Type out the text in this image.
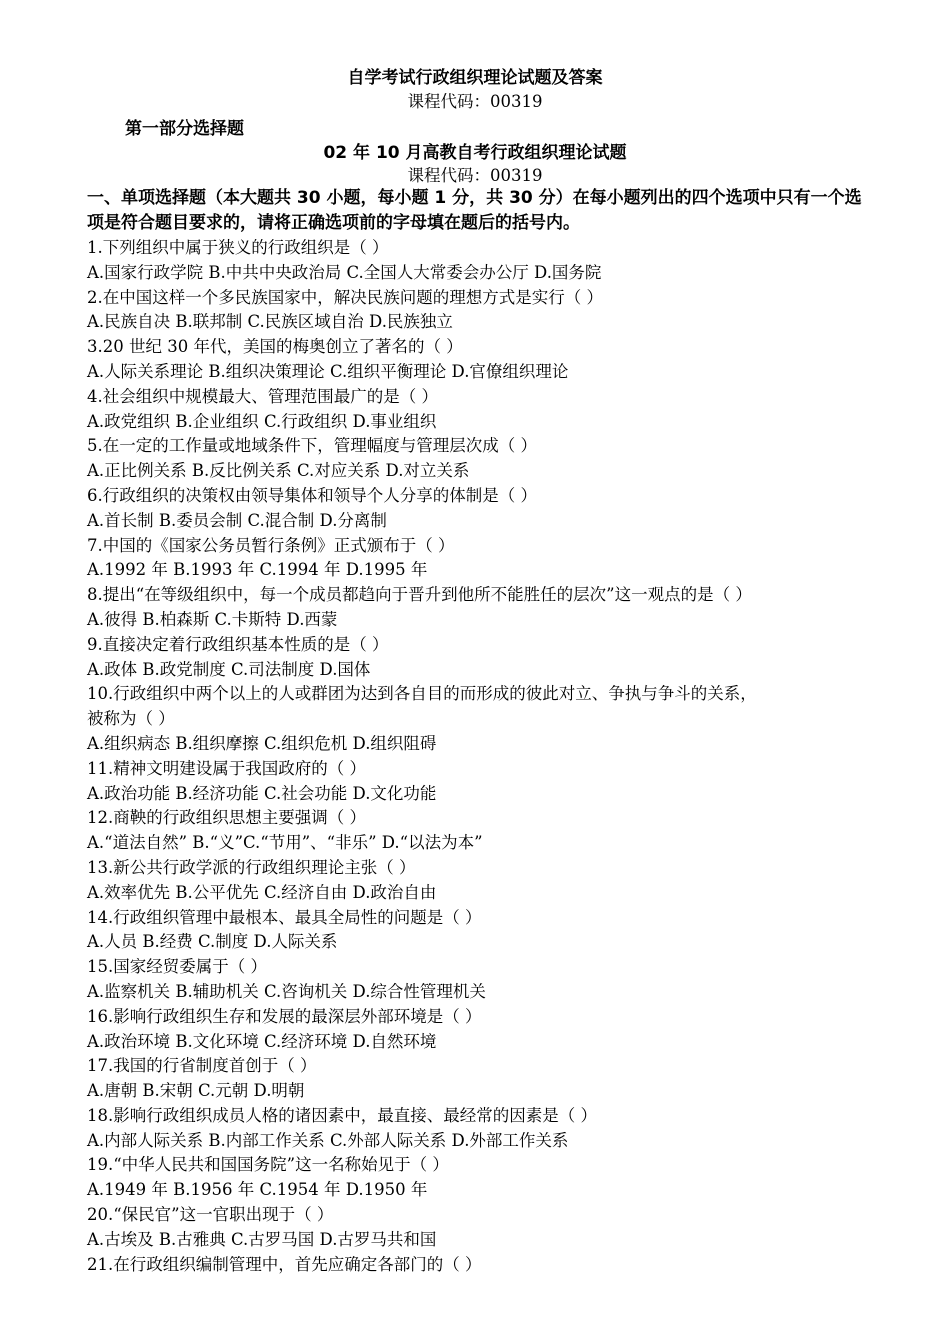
自学考试行政组织理论试题及答案
课程代码：00319
第一部分选择题
02 年 10 月高教自考行政组织理论试题
课程代码：00319
一、单项选择题（本大题共 30 小题，每小题 1 分，共 30 分）在每小题列出的四个选项中只有一个选项是符合题目要求的，请将正确选项前的字母填在题后的括号内。
1.下列组织中属于狭义的行政组织是（ ）
A.国家行政学院 B.中共中央政治局 C.全国人大常委会办公厅 D.国务院
2.在中国这样一个多民族国家中，解决民族问题的理想方式是实行（ ）
A.民族自决 B.联邦制 C.民族区域自治 D.民族独立
3.20 世纪 30 年代，美国的梅奥创立了著名的（ ）
A.人际关系理论 B.组织决策理论 C.组织平衡理论 D.官僚组织理论
4.社会组织中规模最大、管理范围最广的是（ ）
A.政党组织 B.企业组织 C.行政组织 D.事业组织
5.在一定的工作量或地域条件下，管理幅度与管理层次成（ ）
A.正比例关系 B.反比例关系 C.对应关系 D.对立关系
6.行政组织的决策权由领导集体和领导个人分享的体制是（ ）
A.首长制 B.委员会制 C.混合制 D.分离制
7.中国的《国家公务员暂行条例》正式颁布于（ ）
A.1992 年 B.1993 年 C.1994 年 D.1995 年
8.提出“在等级组织中，每一个成员都趋向于晋升到他所不能胜任的层次”这一观点的是（ ）
A.彼得 B.柏森斯 C.卡斯特 D.西蒙
9.直接决定着行政组织基本性质的是（ ）
A.政体 B.政党制度 C.司法制度 D.国体
10.行政组织中两个以上的人或群团为达到各自目的而形成的彼此对立、争执与争斗的关系，
被称为（ ）
A.组织病态 B.组织摩擦 C.组织危机 D.组织阻碍
11.精神文明建设属于我国政府的（ ）
A.政治功能 B.经济功能 C.社会功能 D.文化功能
12.商鞅的行政组织思想主要强调（ ）
A.“道法自然” B.“义”C.“节用”、“非乐” D.“以法为本”
13.新公共行政学派的行政组织理论主张（ ）
A.效率优先 B.公平优先 C.经济自由 D.政治自由
14.行政组织管理中最根本、最具全局性的问题是（ ）
A.人员 B.经费 C.制度 D.人际关系
15.国家经贸委属于（ ）
A.监察机关 B.辅助机关 C.咨询机关 D.综合性管理机关
16.影响行政组织生存和发展的最深层外部环境是（ ）
A.政治环境 B.文化环境 C.经济环境 D.自然环境
17.我国的行省制度首创于（ ）
A.唐朝 B.宋朝 C.元朝 D.明朝
18.影响行政组织成员人格的诸因素中，最直接、最经常的因素是（ ）
A.内部人际关系 B.内部工作关系 C.外部人际关系 D.外部工作关系
19.“中华人民共和国国务院”这一名称始见于（ ）
A.1949 年 B.1956 年 C.1954 年 D.1950 年
20.“保民官”这一官职出现于（ ）
A.古埃及 B.古雅典 C.古罗马国 D.古罗马共和国
21.在行政组织编制管理中，首先应确定各部门的（ ）
